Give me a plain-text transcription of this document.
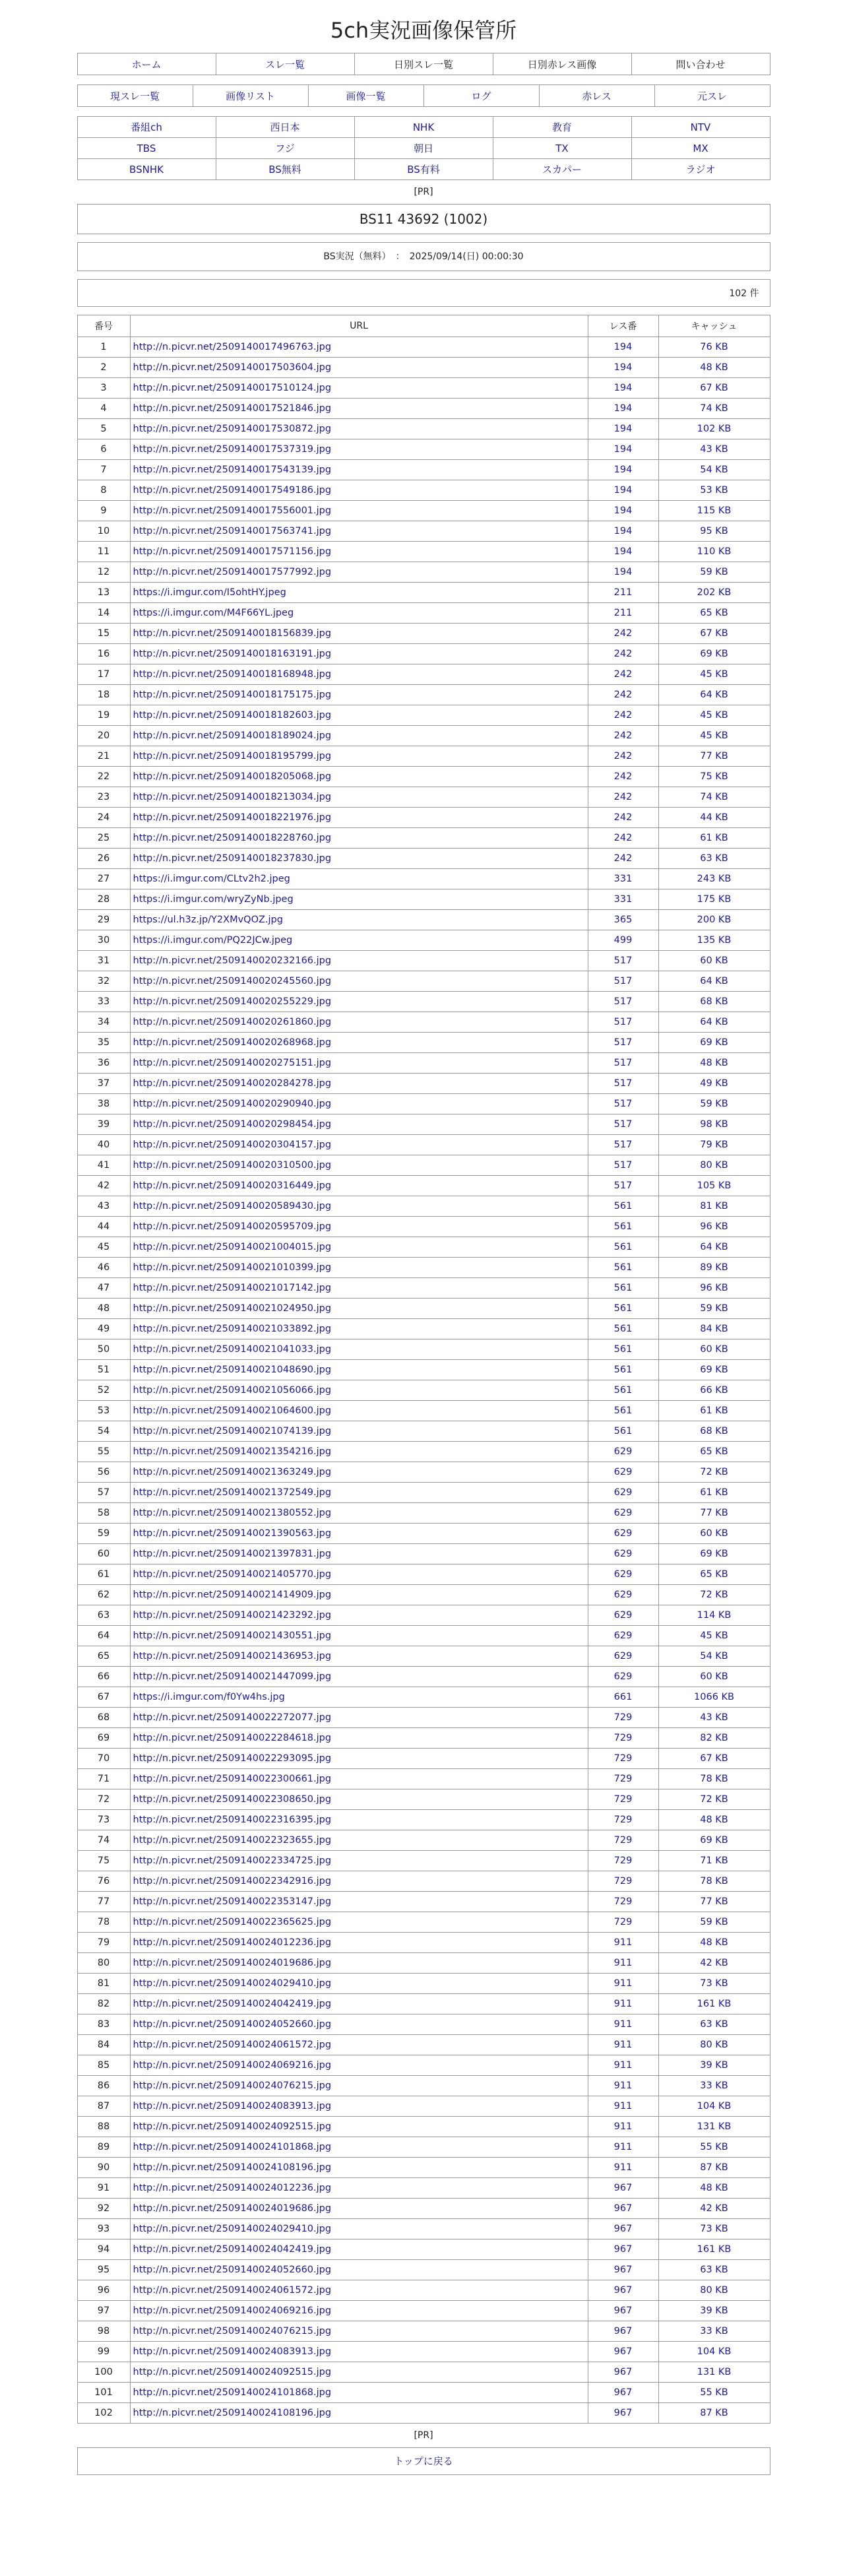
5ch実況画像保管所
ホーム	スレ一覧	日別スレ一覧	日別赤レス画像	問い合わせ
現スレ一覧	画像リスト	画像一覧	ログ	赤レス	元スレ
番組ch	西日本	NHK	教育	NTV
TBS	フジ	朝日	TX	MX
BSNHK	BS無料	BS有料	スカパー	ラジオ
[PR]
BS11 43692 (1002)
BS実況（無料）　：　2025/09/14(日) 00:00:30
102 件
番号	URL	レス番	キャッシュ
1	http://n.picvr.net/2509140017496763.jpg	194	76 KB
2	http://n.picvr.net/2509140017503604.jpg	194	48 KB
3	http://n.picvr.net/2509140017510124.jpg	194	67 KB
4	http://n.picvr.net/2509140017521846.jpg	194	74 KB
5	http://n.picvr.net/2509140017530872.jpg	194	102 KB
6	http://n.picvr.net/2509140017537319.jpg	194	43 KB
7	http://n.picvr.net/2509140017543139.jpg	194	54 KB
8	http://n.picvr.net/2509140017549186.jpg	194	53 KB
9	http://n.picvr.net/2509140017556001.jpg	194	115 KB
10	http://n.picvr.net/2509140017563741.jpg	194	95 KB
11	http://n.picvr.net/2509140017571156.jpg	194	110 KB
12	http://n.picvr.net/2509140017577992.jpg	194	59 KB
13	https://i.imgur.com/I5ohtHY.jpeg	211	202 KB
14	https://i.imgur.com/M4F66YL.jpeg	211	65 KB
15	http://n.picvr.net/2509140018156839.jpg	242	67 KB
16	http://n.picvr.net/2509140018163191.jpg	242	69 KB
17	http://n.picvr.net/2509140018168948.jpg	242	45 KB
18	http://n.picvr.net/2509140018175175.jpg	242	64 KB
19	http://n.picvr.net/2509140018182603.jpg	242	45 KB
20	http://n.picvr.net/2509140018189024.jpg	242	45 KB
21	http://n.picvr.net/2509140018195799.jpg	242	77 KB
22	http://n.picvr.net/2509140018205068.jpg	242	75 KB
23	http://n.picvr.net/2509140018213034.jpg	242	74 KB
24	http://n.picvr.net/2509140018221976.jpg	242	44 KB
25	http://n.picvr.net/2509140018228760.jpg	242	61 KB
26	http://n.picvr.net/2509140018237830.jpg	242	63 KB
27	https://i.imgur.com/CLtv2h2.jpeg	331	243 KB
28	https://i.imgur.com/wryZyNb.jpeg	331	175 KB
29	https://ul.h3z.jp/Y2XMvQOZ.jpg	365	200 KB
30	https://i.imgur.com/PQ22JCw.jpeg	499	135 KB
31	http://n.picvr.net/2509140020232166.jpg	517	60 KB
32	http://n.picvr.net/2509140020245560.jpg	517	64 KB
33	http://n.picvr.net/2509140020255229.jpg	517	68 KB
34	http://n.picvr.net/2509140020261860.jpg	517	64 KB
35	http://n.picvr.net/2509140020268968.jpg	517	69 KB
36	http://n.picvr.net/2509140020275151.jpg	517	48 KB
37	http://n.picvr.net/2509140020284278.jpg	517	49 KB
38	http://n.picvr.net/2509140020290940.jpg	517	59 KB
39	http://n.picvr.net/2509140020298454.jpg	517	98 KB
40	http://n.picvr.net/2509140020304157.jpg	517	79 KB
41	http://n.picvr.net/2509140020310500.jpg	517	80 KB
42	http://n.picvr.net/2509140020316449.jpg	517	105 KB
43	http://n.picvr.net/2509140020589430.jpg	561	81 KB
44	http://n.picvr.net/2509140020595709.jpg	561	96 KB
45	http://n.picvr.net/2509140021004015.jpg	561	64 KB
46	http://n.picvr.net/2509140021010399.jpg	561	89 KB
47	http://n.picvr.net/2509140021017142.jpg	561	96 KB
48	http://n.picvr.net/2509140021024950.jpg	561	59 KB
49	http://n.picvr.net/2509140021033892.jpg	561	84 KB
50	http://n.picvr.net/2509140021041033.jpg	561	60 KB
51	http://n.picvr.net/2509140021048690.jpg	561	69 KB
52	http://n.picvr.net/2509140021056066.jpg	561	66 KB
53	http://n.picvr.net/2509140021064600.jpg	561	61 KB
54	http://n.picvr.net/2509140021074139.jpg	561	68 KB
55	http://n.picvr.net/2509140021354216.jpg	629	65 KB
56	http://n.picvr.net/2509140021363249.jpg	629	72 KB
57	http://n.picvr.net/2509140021372549.jpg	629	61 KB
58	http://n.picvr.net/2509140021380552.jpg	629	77 KB
59	http://n.picvr.net/2509140021390563.jpg	629	60 KB
60	http://n.picvr.net/2509140021397831.jpg	629	69 KB
61	http://n.picvr.net/2509140021405770.jpg	629	65 KB
62	http://n.picvr.net/2509140021414909.jpg	629	72 KB
63	http://n.picvr.net/2509140021423292.jpg	629	114 KB
64	http://n.picvr.net/2509140021430551.jpg	629	45 KB
65	http://n.picvr.net/2509140021436953.jpg	629	54 KB
66	http://n.picvr.net/2509140021447099.jpg	629	60 KB
67	https://i.imgur.com/f0Yw4hs.jpg	661	1066 KB
68	http://n.picvr.net/2509140022272077.jpg	729	43 KB
69	http://n.picvr.net/2509140022284618.jpg	729	82 KB
70	http://n.picvr.net/2509140022293095.jpg	729	67 KB
71	http://n.picvr.net/2509140022300661.jpg	729	78 KB
72	http://n.picvr.net/2509140022308650.jpg	729	72 KB
73	http://n.picvr.net/2509140022316395.jpg	729	48 KB
74	http://n.picvr.net/2509140022323655.jpg	729	69 KB
75	http://n.picvr.net/2509140022334725.jpg	729	71 KB
76	http://n.picvr.net/2509140022342916.jpg	729	78 KB
77	http://n.picvr.net/2509140022353147.jpg	729	77 KB
78	http://n.picvr.net/2509140022365625.jpg	729	59 KB
79	http://n.picvr.net/2509140024012236.jpg	911	48 KB
80	http://n.picvr.net/2509140024019686.jpg	911	42 KB
81	http://n.picvr.net/2509140024029410.jpg	911	73 KB
82	http://n.picvr.net/2509140024042419.jpg	911	161 KB
83	http://n.picvr.net/2509140024052660.jpg	911	63 KB
84	http://n.picvr.net/2509140024061572.jpg	911	80 KB
85	http://n.picvr.net/2509140024069216.jpg	911	39 KB
86	http://n.picvr.net/2509140024076215.jpg	911	33 KB
87	http://n.picvr.net/2509140024083913.jpg	911	104 KB
88	http://n.picvr.net/2509140024092515.jpg	911	131 KB
89	http://n.picvr.net/2509140024101868.jpg	911	55 KB
90	http://n.picvr.net/2509140024108196.jpg	911	87 KB
91	http://n.picvr.net/2509140024012236.jpg	967	48 KB
92	http://n.picvr.net/2509140024019686.jpg	967	42 KB
93	http://n.picvr.net/2509140024029410.jpg	967	73 KB
94	http://n.picvr.net/2509140024042419.jpg	967	161 KB
95	http://n.picvr.net/2509140024052660.jpg	967	63 KB
96	http://n.picvr.net/2509140024061572.jpg	967	80 KB
97	http://n.picvr.net/2509140024069216.jpg	967	39 KB
98	http://n.picvr.net/2509140024076215.jpg	967	33 KB
99	http://n.picvr.net/2509140024083913.jpg	967	104 KB
100	http://n.picvr.net/2509140024092515.jpg	967	131 KB
101	http://n.picvr.net/2509140024101868.jpg	967	55 KB
102	http://n.picvr.net/2509140024108196.jpg	967	87 KB
[PR]
トップに戻る
